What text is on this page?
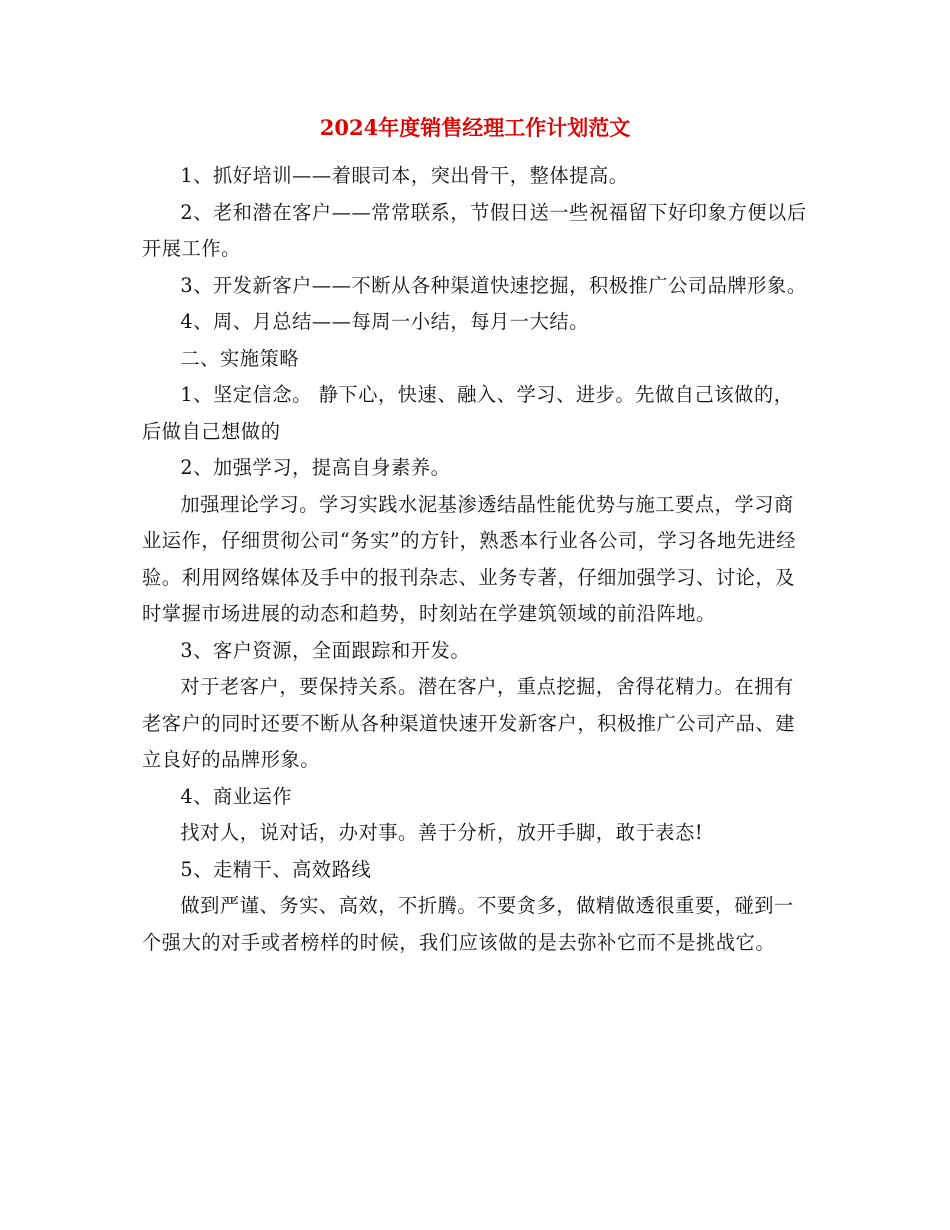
2024年度销售经理工作计划范文

1、抓好培训——着眼司本，突出骨干，整体提高。

2、老和潜在客户——常常联系，节假日送一些祝福留下好印象方便以后开展工作。

3、开发新客户——不断从各种渠道快速挖掘，积极推广公司品牌形象。

4、周、月总结——每周一小结，每月一大结。

二、实施策略

1、坚定信念。 静下心，快速、融入、学习、进步。先做自己该做的，后做自己想做的

2、加强学习，提高自身素养。

加强理论学习。学习实践水泥基渗透结晶性能优势与施工要点，学习商业运作，仔细贯彻公司“务实”的方针，熟悉本行业各公司，学习各地先进经验。利用网络媒体及手中的报刊杂志、业务专著，仔细加强学习、讨论，及时掌握市场进展的动态和趋势，时刻站在学建筑领域的前沿阵地。

3、客户资源，全面跟踪和开发。

对于老客户，要保持关系。潜在客户，重点挖掘，舍得花精力。在拥有老客户的同时还要不断从各种渠道快速开发新客户，积极推广公司产品、建立良好的品牌形象。

4、商业运作

找对人，说对话，办对事。善于分析，放开手脚，敢于表态!

5、走精干、高效路线

做到严谨、务实、高效，不折腾。不要贪多，做精做透很重要，碰到一个强大的对手或者榜样的时候，我们应该做的是去弥补它而不是挑战它。
